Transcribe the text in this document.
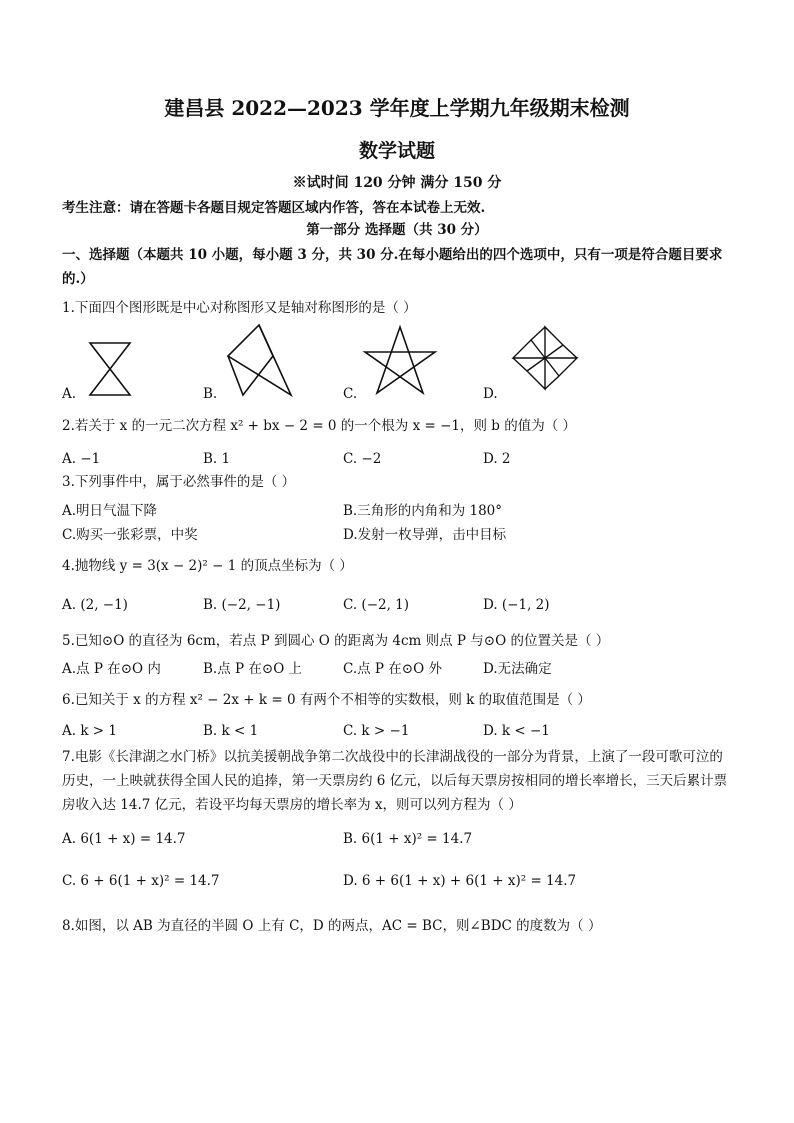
建昌县 2022—2023 学年度上学期九年级期末检测
数学试题
※试时间 120 分钟 满分 150 分
考生注意：请在答题卡各题目规定答题区域内作答，答在本试卷上无效.
第一部分 选择题（共 30 分）
一、选择题（本题共 10 小题，每小题 3 分，共 30 分.在每小题给出的四个选项中，只有一项是符合题目要求的.）
1.下面四个图形既是中心对称图形又是轴对称图形的是（ ）
A.	B.	C.	D.
2.若关于 x 的一元二次方程 x² + bx − 2 = 0 的一个根为 x = −1，则 b 的值为（ ）
A. −1	B. 1	C. −2	D. 2
3.下列事件中，属于必然事件的是（ ）
A.明日气温下降	B.三角形的内角和为 180°
C.购买一张彩票，中奖	D.发射一枚导弹，击中目标
4.抛物线 y = 3(x − 2)² − 1 的顶点坐标为（ ）
A. (2, −1)	B. (−2, −1)	C. (−2, 1)	D. (−1, 2)
5.已知⊙O 的直径为 6cm，若点 P 到圆心 O 的距离为 4cm 则点 P 与⊙O 的位置关是（ ）
A.点 P 在⊙O 内	B.点 P 在⊙O 上	C.点 P 在⊙O 外	D.无法确定
6.已知关于 x 的方程 x² − 2x + k = 0 有两个不相等的实数根，则 k 的取值范围是（ ）
A. k > 1	B. k < 1	C. k > −1	D. k < −1
7.电影《长津湖之水门桥》以抗美援朝战争第二次战役中的长津湖战役的一部分为背景，上演了一段可歌可泣的历史，一上映就获得全国人民的追捧，第一天票房约 6 亿元，以后每天票房按相同的增长率增长，三天后累计票房收入达 14.7 亿元，若设平均每天票房的增长率为 x，则可以列方程为（ ）
A. 6(1 + x) = 14.7	B. 6(1 + x)² = 14.7
C. 6 + 6(1 + x)² = 14.7	D. 6 + 6(1 + x) + 6(1 + x)² = 14.7
8.如图，以 AB 为直径的半圆 O 上有 C，D 的两点，AC = BC，则∠BDC 的度数为（ ）
